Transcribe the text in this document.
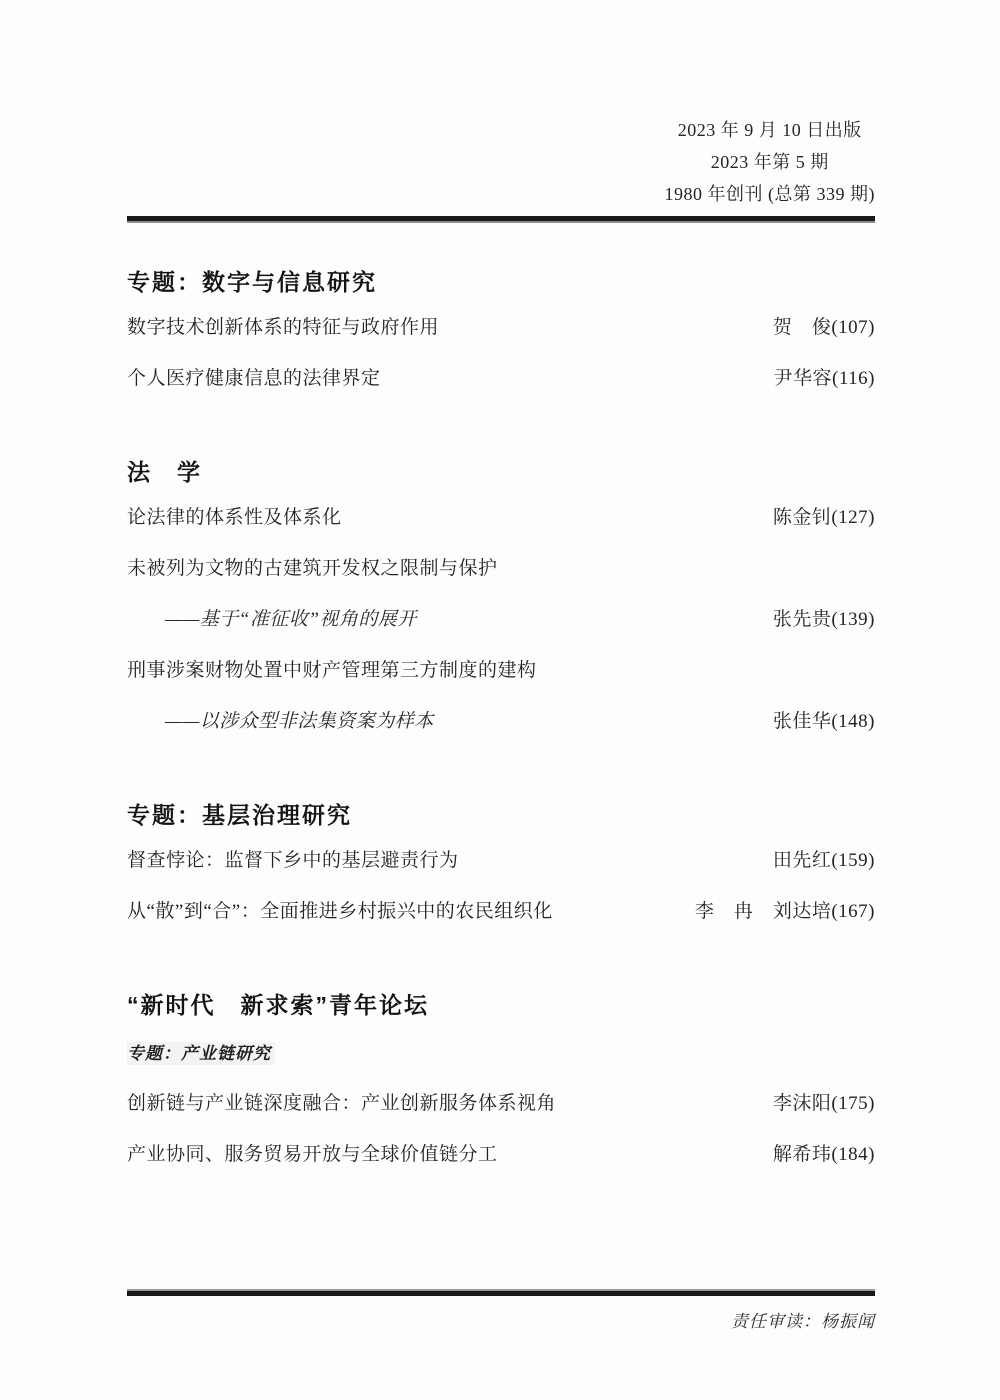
2023 年 9 月 10 日出版
2023 年第 5 期
1980 年创刊 (总第 339 期)
专题：数字与信息研究
数字技术创新体系的特征与政府作用	贺　俊(107)
个人医疗健康信息的法律界定	尹华容(116)
法　学
论法律的体系性及体系化	陈金钊(127)
未被列为文物的古建筑开发权之限制与保护
——基于“准征收”视角的展开	张先贵(139)
刑事涉案财物处置中财产管理第三方制度的建构
——以涉众型非法集资案为样本	张佳华(148)
专题：基层治理研究
督查悖论：监督下乡中的基层避责行为	田先红(159)
从“散”到“合”：全面推进乡村振兴中的农民组织化	李　冉　刘达培(167)
“新时代　新求索”青年论坛
专题：产业链研究
创新链与产业链深度融合：产业创新服务体系视角	李沫阳(175)
产业协同、服务贸易开放与全球价值链分工	解希玮(184)
责任审读：杨振闻
